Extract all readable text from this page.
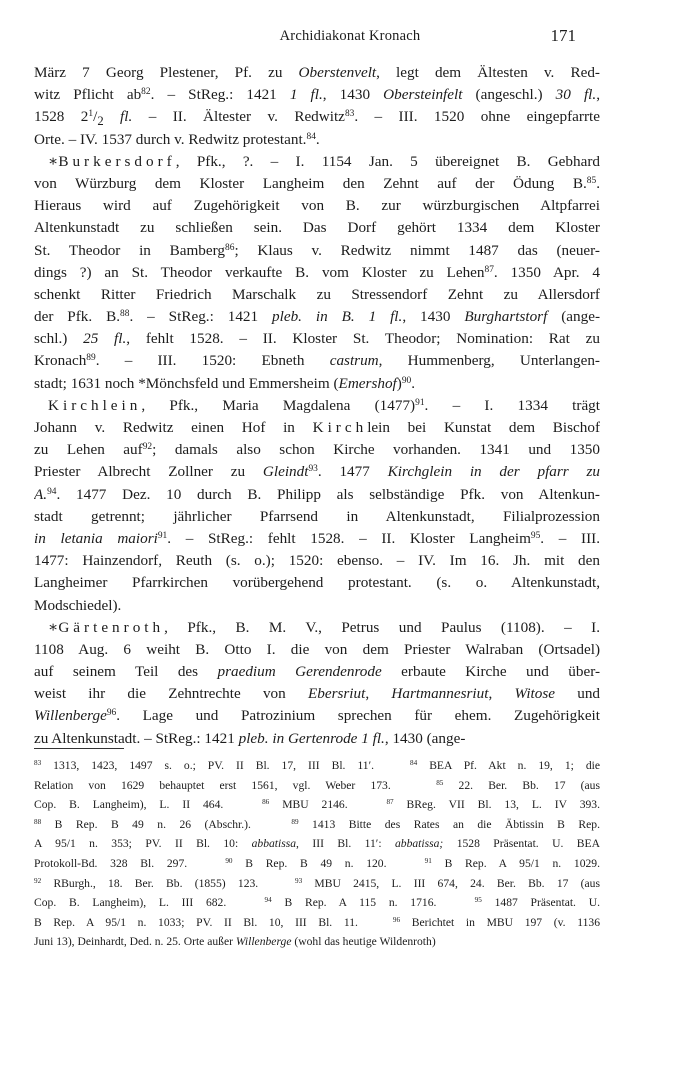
Archidiakonat Kronach	171
März 7 Georg Plestener, Pf. zu Oberstenvelt, legt dem Ältesten v. Red-
witz Pflicht $ab^{82}$. – StReg.: 1421 1 fl., 1430 Obersteinfelt (angeschl.) 30 fl.,
1528 $2^1/_2$ fl. – II. Ältester v. Redwitz$^{83}$. – III. 1520 ohne eingepfarrte
Orte. – IV. 1537 durch v. Redwitz protestant.$^{84}$.
∗Burkersdorf, Pfk., ?. – I. 1154 Jan. 5 übereignet B. Gebhard
von Würzburg dem Kloster Langheim den Zehnt auf der Ödung B.$^{85}$.
Hieraus wird auf Zugehörigkeit von B. zur würzburgischen Altpfarrei
Altenkunstadt zu schließen sein. Das Dorf gehört 1334 dem Kloster
St. Theodor in Bamberg$^{86}$; Klaus v. Redwitz nimmt 1487 das (neuer-
dings ?) an St. Theodor verkaufte B. vom Kloster zu Lehen$^{87}$. 1350 Apr. 4
schenkt Ritter Friedrich Marschalk zu Stressendorf Zehnt zu Allersdorf
der Pfk. B.$^{88}$. – StReg.: 1421 pleb. in B. 1 fl., 1430 Burghartstorf (ange-
schl.) 25 fl., fehlt 1528. – II. Kloster St. Theodor; Nomination: Rat zu
Kronach$^{89}$. – III. 1520: Ebneth castrum, Hummenberg, Unterlangen-
stadt; 1631 noch *Mönchsfeld und Emmersheim (Emershof)$^{90}$.
Kirchlein, Pfk., Maria Magdalena $(1477)^{91}$. – I. 1334 trägt
Johann v. Redwitz einen Hof in Kirchlein bei Kunstat dem Bischof
zu Lehen auf$^{92}$; damals also schon Kirche vorhanden. 1341 und 1350
Priester Albrecht Zollner zu Gleindt$^{93}$. 1477 Kirchglein in der pfarr zu
A.$^{94}$. 1477 Dez. 10 durch B. Philipp als selbständige Pfk. von Altenkun-
stadt getrennt; jährlicher Pfarrsend in Altenkunstadt, Filialprozession
in letania maiori$^{91}$. – StReg.: fehlt 1528. – II. Kloster Langheim$^{95}$. – III.
1477: Hainzendorf, Reuth (s. o.); 1520: ebenso. – IV. Im 16. Jh. mit den
Langheimer Pfarrkirchen vorübergehend protestant. (s. o. Altenkunstadt,
Modschiedel).
∗Gärtenroth, Pfk., B. M. V., Petrus und Paulus (1108). – I.
1108 Aug. 6 weiht B. Otto I. die von dem Priester Walraban (Ortsadel)
auf seinem Teil des praedium Gerendenrode erbaute Kirche und über-
weist ihr die Zehntrechte von Ebersriut, Hartmannesriut, Witose und
Willenberge$^{96}$. Lage und Patrozinium sprechen für ehem. Zugehörigkeit
zu Altenkunstadt. – StReg.: 1421 pleb. in Gertenrode 1 fl., 1430 (ange-
$^{83}$ 1313, 1423, 1497 s. o.; PV. II Bl. 17, III Bl. 11′.   $^{84}$ BEA Pf. Akt n. 19, 1; die
Relation von 1629 behauptet erst 1561, vgl. Weber 173.   $^{85}$ 22. Ber. Bb. 17 (aus
Cop. B. Langheim), L. II 464.   $^{86}$ MBU 2146.   $^{87}$ BReg. VII Bl. 13, L. IV 393.
$^{88}$ B Rep. B 49 n. 26 (Abschr.).   $^{89}$ 1413 Bitte des Rates an die Äbtissin B Rep.
A 95/1 n. 353; PV. II Bl. 10: abbatissa, III Bl. 11′: abbatissa; 1528 Präsentat. U. BEA
Protokoll-Bd. 328 Bl. 297.   $^{90}$ B Rep. B 49 n. 120.   $^{91}$ B Rep. A 95/1 n. 1029.
$^{92}$ RBurgh., 18. Ber. Bb. (1855) 123.   $^{93}$ MBU 2415, L. III 674, 24. Ber. Bb. 17 (aus
Cop. B. Langheim), L. III 682.   $^{94}$ B Rep. A 115 n. 1716.   $^{95}$ 1487 Präsentat. U.
B Rep. A 95/1 n. 1033; PV. II Bl. 10, III Bl. 11.   $^{96}$ Berichtet in MBU 197 (v. 1136
Juni 13), Deinhardt, Ded. n. 25. Orte außer Willenberge (wohl das heutige Wildenroth)
